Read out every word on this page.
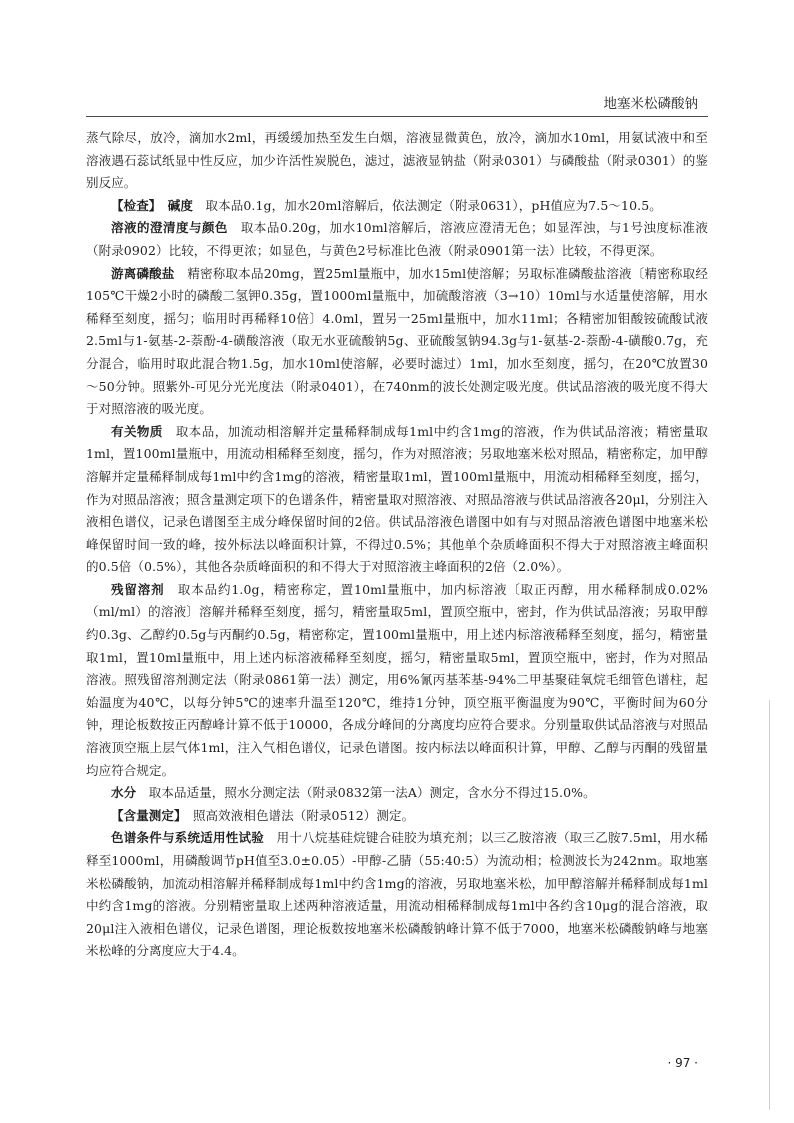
地塞米松磷酸钠

蒸气除尽，放冷，滴加水2ml，再缓缓加热至发生白烟，溶液显微黄色，放冷，滴加水10ml，用氨试液中和至溶液遇石蕊试纸显中性反应，加少许活性炭脱色，滤过，滤液显钠盐（附录0301）与磷酸盐（附录0301）的鉴别反应。

【检查】　碱度　取本品0.1g，加水20ml溶解后，依法测定（附录0631），pH值应为7.5～10.5。

溶液的澄清度与颜色　取本品0.20g，加水10ml溶解后，溶液应澄清无色；如显浑浊，与1号浊度标准液（附录0902）比较，不得更浓；如显色，与黄色2号标准比色液（附录0901第一法）比较，不得更深。

游离磷酸盐　精密称取本品20mg，置25ml量瓶中，加水15ml使溶解；另取标准磷酸盐溶液〔精密称取经105℃干燥2小时的磷酸二氢钾0.35g，置1000ml量瓶中，加硫酸溶液（3→10）10ml与水适量使溶解，用水稀释至刻度，摇匀；临用时再稀释10倍〕4.0ml，置另一25ml量瓶中，加水11ml；各精密加钼酸铵硫酸试液2.5ml与1-氨基-2-萘酚-4-磺酸溶液（取无水亚硫酸钠5g、亚硫酸氢钠94.3g与1-氨基-2-萘酚-4-磺酸0.7g，充分混合，临用时取此混合物1.5g，加水10ml使溶解，必要时滤过）1ml，加水至刻度，摇匀，在20℃放置30～50分钟。照紫外-可见分光光度法（附录0401），在740nm的波长处测定吸光度。供试品溶液的吸光度不得大于对照溶液的吸光度。

有关物质　取本品，加流动相溶解并定量稀释制成每1ml中约含1mg的溶液，作为供试品溶液；精密量取1ml，置100ml量瓶中，用流动相稀释至刻度，摇匀，作为对照溶液；另取地塞米松对照品，精密称定，加甲醇溶解并定量稀释制成每1ml中约含1mg的溶液，精密量取1ml，置100ml量瓶中，用流动相稀释至刻度，摇匀，作为对照品溶液；照含量测定项下的色谱条件，精密量取对照溶液、对照品溶液与供试品溶液各20μl，分别注入液相色谱仪，记录色谱图至主成分峰保留时间的2倍。供试品溶液色谱图中如有与对照品溶液色谱图中地塞米松峰保留时间一致的峰，按外标法以峰面积计算，不得过0.5%；其他单个杂质峰面积不得大于对照溶液主峰面积的0.5倍（0.5%），其他各杂质峰面积的和不得大于对照溶液主峰面积的2倍（2.0%）。

残留溶剂　取本品约1.0g，精密称定，置10ml量瓶中，加内标溶液〔取正丙醇，用水稀释制成0.02%（ml/ml）的溶液〕溶解并稀释至刻度，摇匀，精密量取5ml，置顶空瓶中，密封，作为供试品溶液；另取甲醇约0.3g、乙醇约0.5g与丙酮约0.5g，精密称定，置100ml量瓶中，用上述内标溶液稀释至刻度，摇匀，精密量取1ml，置10ml量瓶中，用上述内标溶液稀释至刻度，摇匀，精密量取5ml，置顶空瓶中，密封，作为对照品溶液。照残留溶剂测定法（附录0861第一法）测定，用6%氰丙基苯基-94%二甲基聚硅氧烷毛细管色谱柱，起始温度为40℃，以每分钟5℃的速率升温至120℃，维持1分钟，顶空瓶平衡温度为90℃，平衡时间为60分钟，理论板数按正丙醇峰计算不低于10000，各成分峰间的分离度均应符合要求。分别量取供试品溶液与对照品溶液顶空瓶上层气体1ml，注入气相色谱仪，记录色谱图。按内标法以峰面积计算，甲醇、乙醇与丙酮的残留量均应符合规定。

水分　取本品适量，照水分测定法（附录0832第一法A）测定，含水分不得过15.0%。

【含量测定】　照高效液相色谱法（附录0512）测定。

色谱条件与系统适用性试验　用十八烷基硅烷键合硅胶为填充剂；以三乙胺溶液（取三乙胺7.5ml，用水稀释至1000ml，用磷酸调节pH值至3.0±0.05）-甲醇-乙腈（55:40:5）为流动相；检测波长为242nm。取地塞米松磷酸钠，加流动相溶解并稀释制成每1ml中约含1mg的溶液，另取地塞米松，加甲醇溶解并稀释制成每1ml中约含1mg的溶液。分别精密量取上述两种溶液适量，用流动相稀释制成每1ml中各约含10μg的混合溶液，取20μl注入液相色谱仪，记录色谱图，理论板数按地塞米松磷酸钠峰计算不低于7000，地塞米松磷酸钠峰与地塞米松峰的分离度应大于4.4。

· 97 ·
